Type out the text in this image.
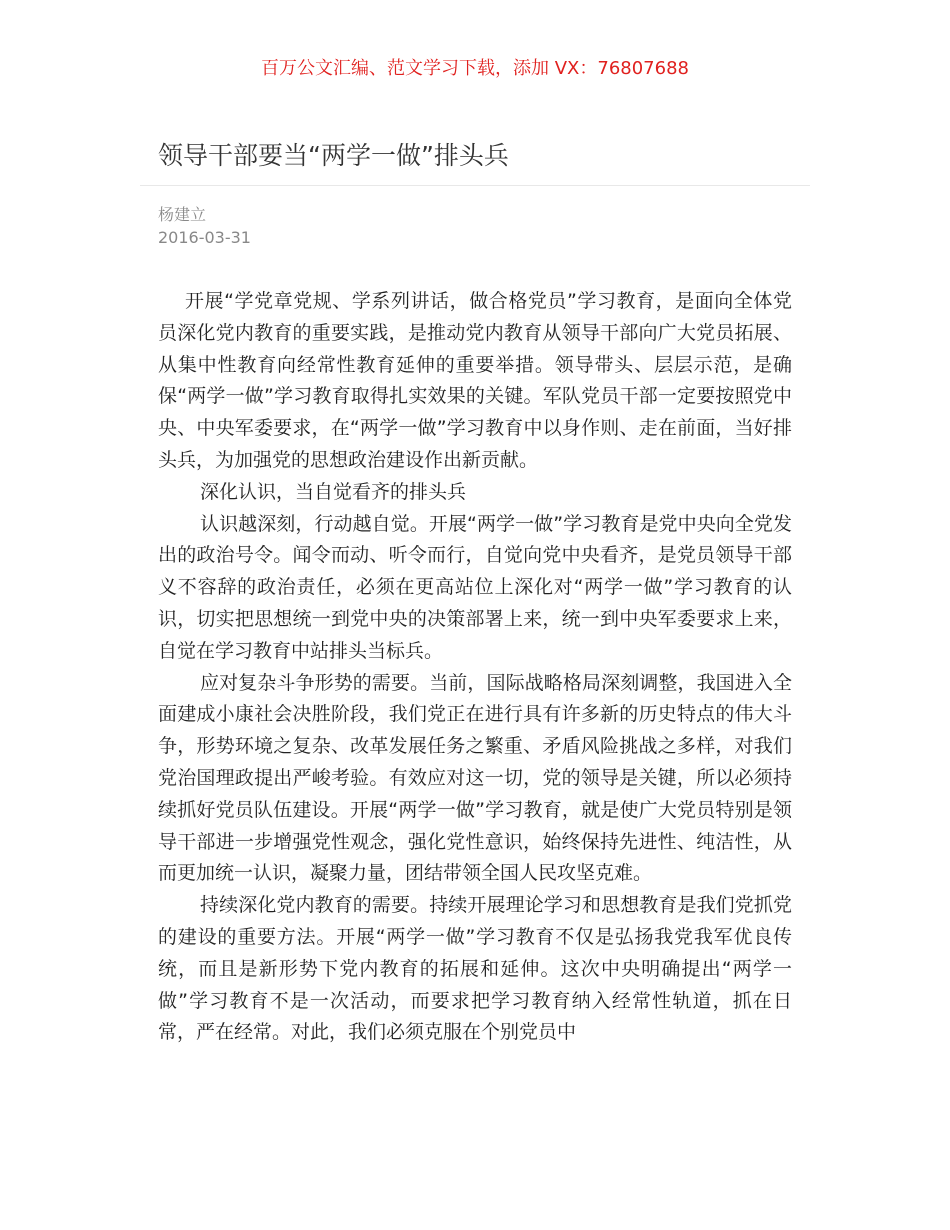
百万公文汇编、范文学习下载，添加 VX：76807688
领导干部要当“两学一做”排头兵
杨建立
2016-03-31

开展“学党章党规、学系列讲话，做合格党员”学习教育，是面向全体党员深化党内教育的重要实践，是推动党内教育从领导干部向广大党员拓展、从集中性教育向经常性教育延伸的重要举措。领导带头、层层示范，是确保“两学一做”学习教育取得扎实效果的关键。军队党员干部一定要按照党中央、中央军委要求，在“两学一做”学习教育中以身作则、走在前面，当好排头兵，为加强党的思想政治建设作出新贡献。

深化认识，当自觉看齐的排头兵

认识越深刻，行动越自觉。开展“两学一做”学习教育是党中央向全党发出的政治号令。闻令而动、听令而行，自觉向党中央看齐，是党员领导干部义不容辞的政治责任，必须在更高站位上深化对“两学一做”学习教育的认识，切实把思想统一到党中央的决策部署上来，统一到中央军委要求上来，自觉在学习教育中站排头当标兵。

应对复杂斗争形势的需要。当前，国际战略格局深刻调整，我国进入全面建成小康社会决胜阶段，我们党正在进行具有许多新的历史特点的伟大斗争，形势环境之复杂、改革发展任务之繁重、矛盾风险挑战之多样，对我们党治国理政提出严峻考验。有效应对这一切，党的领导是关键，所以必须持续抓好党员队伍建设。开展“两学一做”学习教育，就是使广大党员特别是领导干部进一步增强党性观念，强化党性意识，始终保持先进性、纯洁性，从而更加统一认识，凝聚力量，团结带领全国人民攻坚克难。

持续深化党内教育的需要。持续开展理论学习和思想教育是我们党抓党的建设的重要方法。开展“两学一做”学习教育不仅是弘扬我党我军优良传统，而且是新形势下党内教育的拓展和延伸。这次中央明确提出“两学一做”学习教育不是一次活动，而要求把学习教育纳入经常性轨道，抓在日常，严在经常。对此，我们必须克服在个别党员中
